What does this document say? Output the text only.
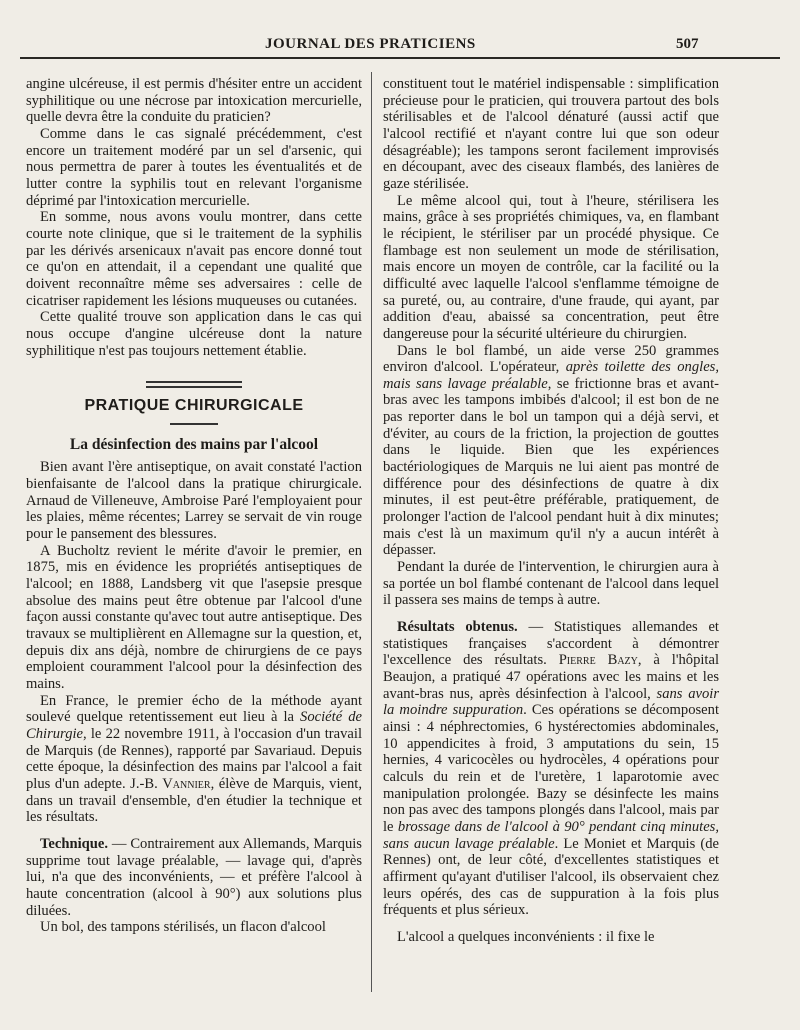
JOURNAL DES PRATICIENS	507

angine ulcéreuse, il est permis d'hésiter entre un accident syphilitique ou une nécrose par intoxication mercurielle, quelle devra être la conduite du praticien?

Comme dans le cas signalé précédemment, c'est encore un traitement modéré par un sel d'arsenic, qui nous permettra de parer à toutes les éventualités et de lutter contre la syphilis tout en relevant l'organisme déprimé par l'intoxication mercurielle.

En somme, nous avons voulu montrer, dans cette courte note clinique, que si le traitement de la syphilis par les dérivés arsenicaux n'avait pas encore donné tout ce qu'on en attendait, il a cependant une qualité que doivent reconnaître même ses adversaires : celle de cicatriser rapidement les lésions muqueuses ou cutanées.

Cette qualité trouve son application dans le cas qui nous occupe d'angine ulcéreuse dont la nature syphilitique n'est pas toujours nettement établie.

PRATIQUE CHIRURGICALE
La désinfection des mains par l'alcool

Bien avant l'ère antiseptique, on avait constaté l'action bienfaisante de l'alcool dans la pratique chirurgicale. Arnaud de Villeneuve, Ambroise Paré l'employaient pour les plaies, même récentes; Larrey se servait de vin rouge pour le pansement des blessures.

A Bucholtz revient le mérite d'avoir le premier, en 1875, mis en évidence les propriétés antiseptiques de l'alcool; en 1888, Landsberg vit que l'asepsie presque absolue des mains peut être obtenue par l'alcool d'une façon aussi constante qu'avec tout autre antiseptique. Des travaux se multiplièrent en Allemagne sur la question, et, depuis dix ans déjà, nombre de chirurgiens de ce pays emploient couramment l'alcool pour la désinfection des mains.

En France, le premier écho de la méthode ayant soulevé quelque retentissement eut lieu à la Société de Chirurgie, le 22 novembre 1911, à l'occasion d'un travail de Marquis (de Rennes), rapporté par Savariaud. Depuis cette époque, la désinfection des mains par l'alcool a fait plus d'un adepte. J.-B. Vannier, élève de Marquis, vient, dans un travail d'ensemble, d'en étudier la technique et les résultats.

Technique. — Contrairement aux Allemands, Marquis supprime tout lavage préalable, — lavage qui, d'après lui, n'a que des inconvénients, — et préfère l'alcool à haute concentration (alcool à 90°) aux solutions plus diluées.

Un bol, des tampons stérilisés, un flacon d'alcool

constituent tout le matériel indispensable : simplification précieuse pour le praticien, qui trouvera partout des bols stérilisables et de l'alcool dénaturé (aussi actif que l'alcool rectifié et n'ayant contre lui que son odeur désagréable); les tampons seront facilement improvisés en découpant, avec des ciseaux flambés, des lanières de gaze stérilisée.

Le même alcool qui, tout à l'heure, stérilisera les mains, grâce à ses propriétés chimiques, va, en flambant le récipient, le stériliser par un procédé physique. Ce flambage est non seulement un mode de stérilisation, mais encore un moyen de contrôle, car la facilité ou la difficulté avec laquelle l'alcool s'enflamme témoigne de sa pureté, ou, au contraire, d'une fraude, qui ayant, par addition d'eau, abaissé sa concentration, peut être dangereuse pour la sécurité ultérieure du chirurgien.

Dans le bol flambé, un aide verse 250 grammes environ d'alcool. L'opérateur, après toilette des ongles, mais sans lavage préalable, se frictionne bras et avant-bras avec les tampons imbibés d'alcool; il est bon de ne pas reporter dans le bol un tampon qui a déjà servi, et d'éviter, au cours de la friction, la projection de gouttes dans le liquide. Bien que les expériences bactériologiques de Marquis ne lui aient pas montré de différence pour des désinfections de quatre à dix minutes, il est peut-être préférable, pratiquement, de prolonger l'action de l'alcool pendant huit à dix minutes; mais c'est là un maximum qu'il n'y a aucun intérêt à dépasser.

Pendant la durée de l'intervention, le chirurgien aura à sa portée un bol flambé contenant de l'alcool dans lequel il passera ses mains de temps à autre.

Résultats obtenus. — Statistiques allemandes et statistiques françaises s'accordent à démontrer l'excellence des résultats. Pierre Bazy, à l'hôpital Beaujon, a pratiqué 47 opérations avec les mains et les avant-bras nus, après désinfection à l'alcool, sans avoir la moindre suppuration. Ces opérations se décomposent ainsi : 4 néphrectomies, 6 hystérectomies abdominales, 10 appendicites à froid, 3 amputations du sein, 15 hernies, 4 varicocèles ou hydrocèles, 4 opérations pour calculs du rein et de l'uretère, 1 laparotomie avec manipulation prolongée. Bazy se désinfecte les mains non pas avec des tampons plongés dans l'alcool, mais par le brossage dans de l'alcool à 90° pendant cinq minutes, sans aucun lavage préalable. Le Moniet et Marquis (de Rennes) ont, de leur côté, d'excellentes statistiques et affirment qu'ayant d'utiliser l'alcool, ils observaient chez leurs opérés, des cas de suppuration à la fois plus fréquents et plus sérieux.

L'alcool a quelques inconvénients : il fixe le
